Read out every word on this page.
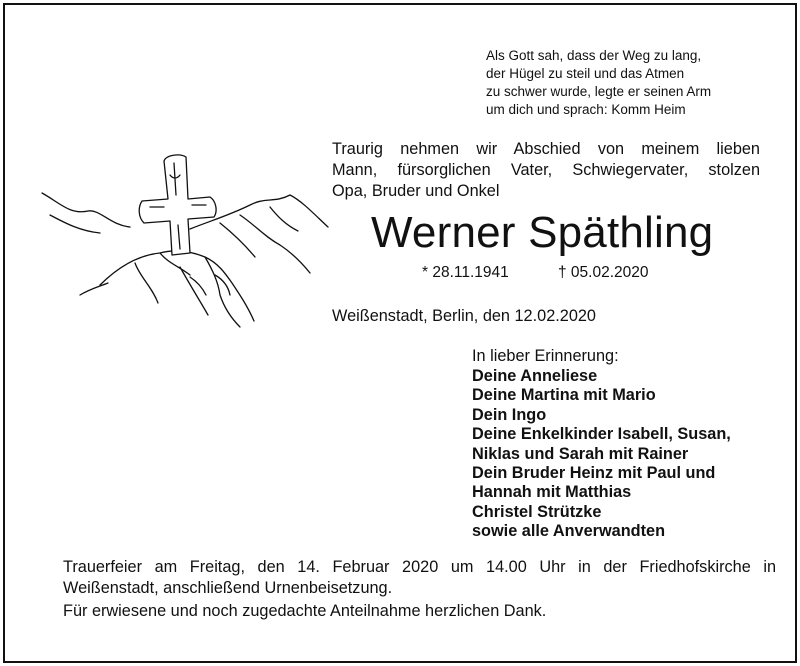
Als Gott sah, dass der Weg zu lang,
der Hügel zu steil und das Atmen
zu schwer wurde, legte er seinen Arm
um dich und sprach: Komm Heim
Traurig nehmen wir Abschied von meinem lieben
Mann, fürsorglichen Vater, Schwiegervater, stolzen
Opa, Bruder und Onkel
Werner Späthling
* 28.11.1941	† 05.02.2020
Weißenstadt, Berlin, den 12.02.2020
In lieber Erinnerung:
Deine Anneliese
Deine Martina mit Mario
Dein Ingo
Deine Enkelkinder Isabell, Susan,
Niklas und Sarah mit Rainer
Dein Bruder Heinz mit Paul und
Hannah mit Matthias
Christel Strützke
sowie alle Anverwandten
Trauerfeier am Freitag, den 14. Februar 2020 um 14.00 Uhr in der Friedhofskirche in
Weißenstadt, anschließend Urnenbeisetzung.
Für erwiesene und noch zugedachte Anteilnahme herzlichen Dank.
